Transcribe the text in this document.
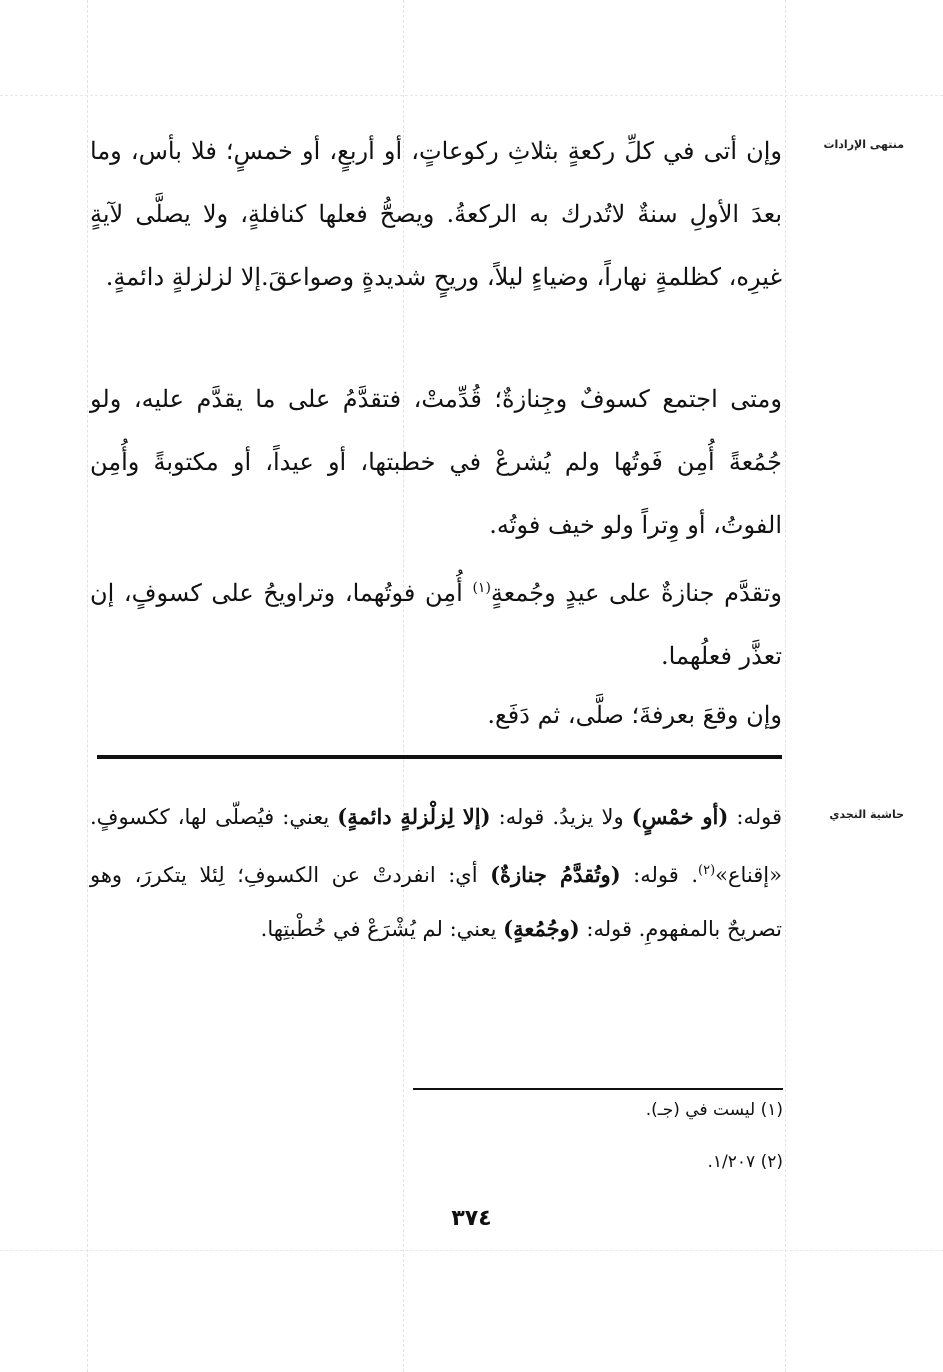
منتهى الإرادات
حاشية النجدي

وإن أتى في كلِّ ركعةٍ بثلاثِ ركوعاتٍ، أو أربعٍ، أو خمسٍ؛ فلا بأس، وما بعدَ الأولِ سنةٌ لاتُدرك به الركعةُ. ويصحُّ فعلها كنافلةٍ، ولا يصلَّى لآيةٍ غيرِه، كظلمةٍ نهاراً، وضياءٍ ليلاً، وريحٍ شديدةٍ وصواعقَ.إلا لزلزلةٍ دائمةٍ.

ومتى اجتمع كسوفٌ وجِنازةٌ؛ قُدِّمتْ، فتقدَّمُ على ما يقدَّم عليه، ولو جُمُعةً أُمِن فَوتُها ولم يُشرعْ في خطبتها، أو عيداً، أو مكتوبةً وأُمِن الفوتُ، أو وِتراً ولو خيف فوتُه.

وتقدَّم جنازةٌ على عيدٍ وجُمعةٍ$^{(١)}$ أُمِن فوتُهما، وتراويحُ على كسوفٍ، إن تعذَّر فعلُهما.

وإن وقعَ بعرفةَ؛ صلَّى، ثم دَفَع.

قوله: (أو خمْسٍ) ولا يزيدُ. قوله: (إلا لِزلْزلةٍ دائمةٍ) يعني: فيُصلّى لها، ككسوفٍ. «إقناع»$^{(٢)}$. قوله: (وتُقدَّمُ جنازةٌ) أي: انفردتْ عن الكسوفِ؛ لِئلا يتكررَ، وهو تصريحٌ بالمفهومِ. قوله: (وجُمُعةٍ) يعني: لم يُشْرَعْ في خُطْبتِها.

(١) ليست في (جـ).
(٢) ١/٢٠٧.
٣٧٤
